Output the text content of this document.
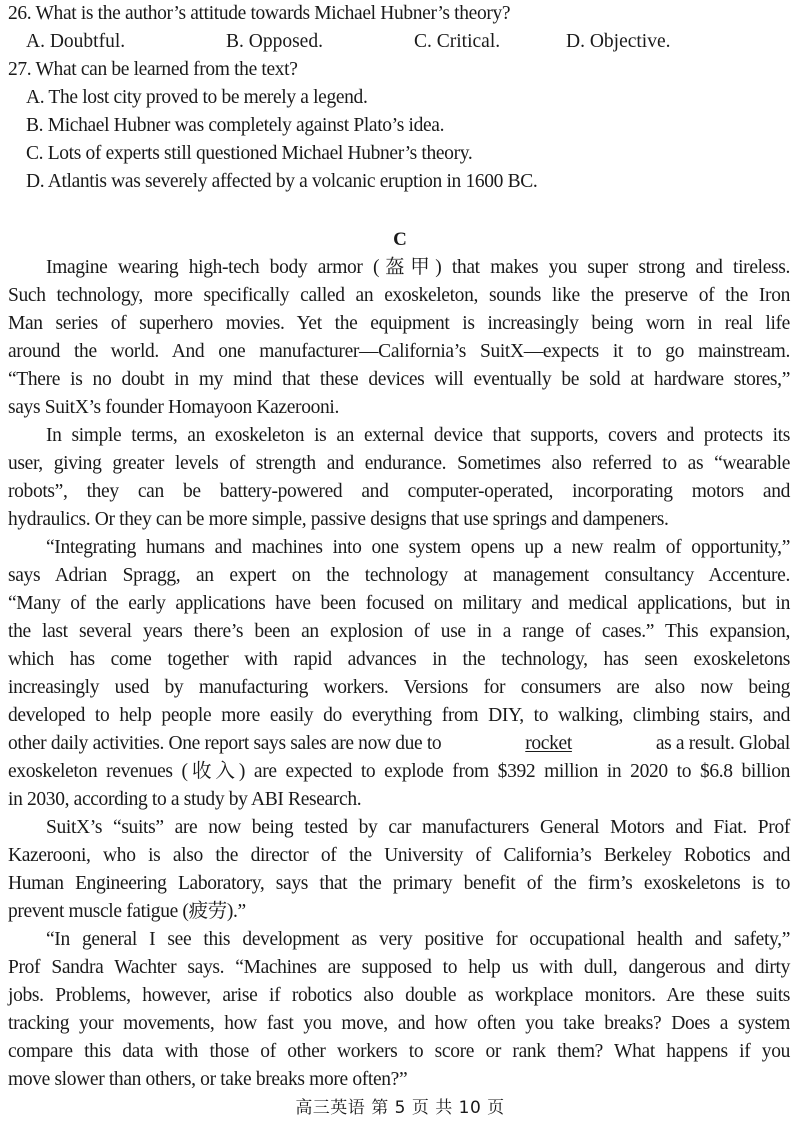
26. What is the author’s attitude towards Michael Hubner’s theory?
A. Doubtful.	B. Opposed.	C. Critical.	D. Objective.
27. What can be learned from the text?
A. The lost city proved to be merely a legend.
B. Michael Hubner was completely against Plato’s idea.
C. Lots of experts still questioned Michael Hubner’s theory.
D. Atlantis was severely affected by a volcanic eruption in 1600 BC.
C
Imagine wearing high-tech body armor (盔甲) that makes you super strong and tireless.
Such technology, more specifically called an exoskeleton, sounds like the preserve of the Iron
Man series of superhero movies. Yet the equipment is increasingly being worn in real life
around the world. And one manufacturer—California’s SuitX—expects it to go mainstream.
“There is no doubt in my mind that these devices will eventually be sold at hardware stores,”
says SuitX’s founder Homayoon Kazerooni.
In simple terms, an exoskeleton is an external device that supports, covers and protects its
user, giving greater levels of strength and endurance. Sometimes also referred to as “wearable
robots”, they can be battery-powered and computer-operated, incorporating motors and
hydraulics. Or they can be more simple, passive designs that use springs and dampeners.
“Integrating humans and machines into one system opens up a new realm of opportunity,”
says Adrian Spragg, an expert on the technology at management consultancy Accenture.
“Many of the early applications have been focused on military and medical applications, but in
the last several years there’s been an explosion of use in a range of cases.” This expansion,
which has come together with rapid advances in the technology, has seen exoskeletons
increasingly used by manufacturing workers. Versions for consumers are also now being
developed to help people more easily do everything from DIY, to walking, climbing stairs, and
other daily activities. One report says sales are now due to	rocket	as a result. Global
exoskeleton revenues (收入) are expected to explode from $392 million in 2020 to $6.8 billion
in 2030, according to a study by ABI Research.
SuitX’s “suits” are now being tested by car manufacturers General Motors and Fiat. Prof
Kazerooni, who is also the director of the University of California’s Berkeley Robotics and
Human Engineering Laboratory, says that the primary benefit of the firm’s exoskeletons is to
prevent muscle fatigue (疲劳).”
“In general I see this development as very positive for occupational health and safety,”
Prof Sandra Wachter says. “Machines are supposed to help us with dull, dangerous and dirty
jobs. Problems, however, arise if robotics also double as workplace monitors. Are these suits
tracking your movements, how fast you move, and how often you take breaks? Does a system
compare this data with those of other workers to score or rank them? What happens if you
move slower than others, or take breaks more often?”
高三英语 第 5 页 共 10 页
